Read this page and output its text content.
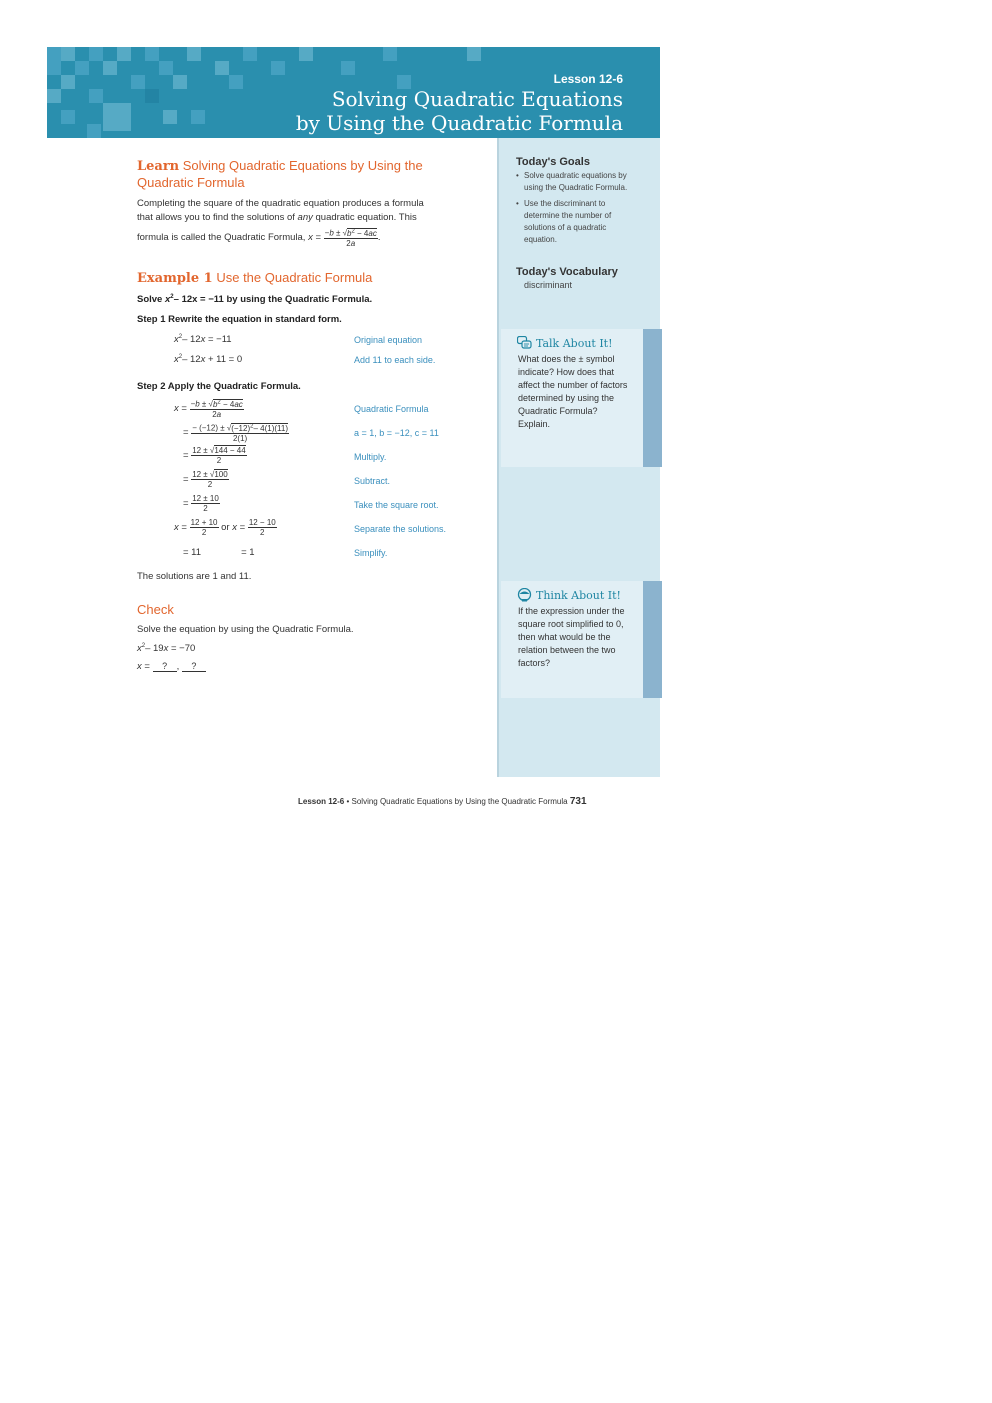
Lesson 12-6
Solving Quadratic Equations
by Using the Quadratic Formula
Today's Goals
• Solve quadratic equations by using the Quadratic Formula.
• Use the discriminant to determine the number of solutions of a quadratic equation.
Today's Vocabulary
discriminant
Talk About It!
What does the ± symbol indicate? How does that affect the number of factors determined by using the Quadratic Formula? Explain.
Think About It!
If the expression under the square root simplified to 0, then what would be the relation between the two factors?
Learn Solving Quadratic Equations by Using the Quadratic Formula
Completing the square of the quadratic equation produces a formula
that allows you to find the solutions of any quadratic equation. This
formula is called the Quadratic Formula, $x = \frac{-b \pm √b^2 - 4ac}{2a}$ .
Example 1 Use the Quadratic Formula
Solve $x^2-$ 12x = −11 by using the Quadratic Formula.
Step 1 Rewrite the equation in standard form.
$x^2-$ 12x = −11	Original equation
$x^2-$ 12x + 11 = 0	Add 11 to each side.
Step 2 Apply the Quadratic Formula.
$x = \frac{-b \pm √b^2 - 4ac}{2a}$	Quadratic Formula
= $\frac{- (-12) \pm √(-12)^2- 4(1)(11)}{2(1)}$	a = 1, b = −12, c = 11
= $\frac{12 \pm √144 - 44}{2}$	Multiply.
= $\frac{12 \pm √100}{2}$	Subtract.
= $\frac{12 \pm 10}{2}$	Take the square root.
$x = \frac{12 + 10}{2}$ or $x = \frac{12 - 10}{2}$	Separate the solutions.
= 11	= 1	Simplify.
The solutions are 1 and 11.
Check
Solve the equation by using the Quadratic Formula.
$x^2-$ 19x = −70
x = ? , ?
Lesson 12-6 • Solving Quadratic Equations by Using the Quadratic Formula 731
